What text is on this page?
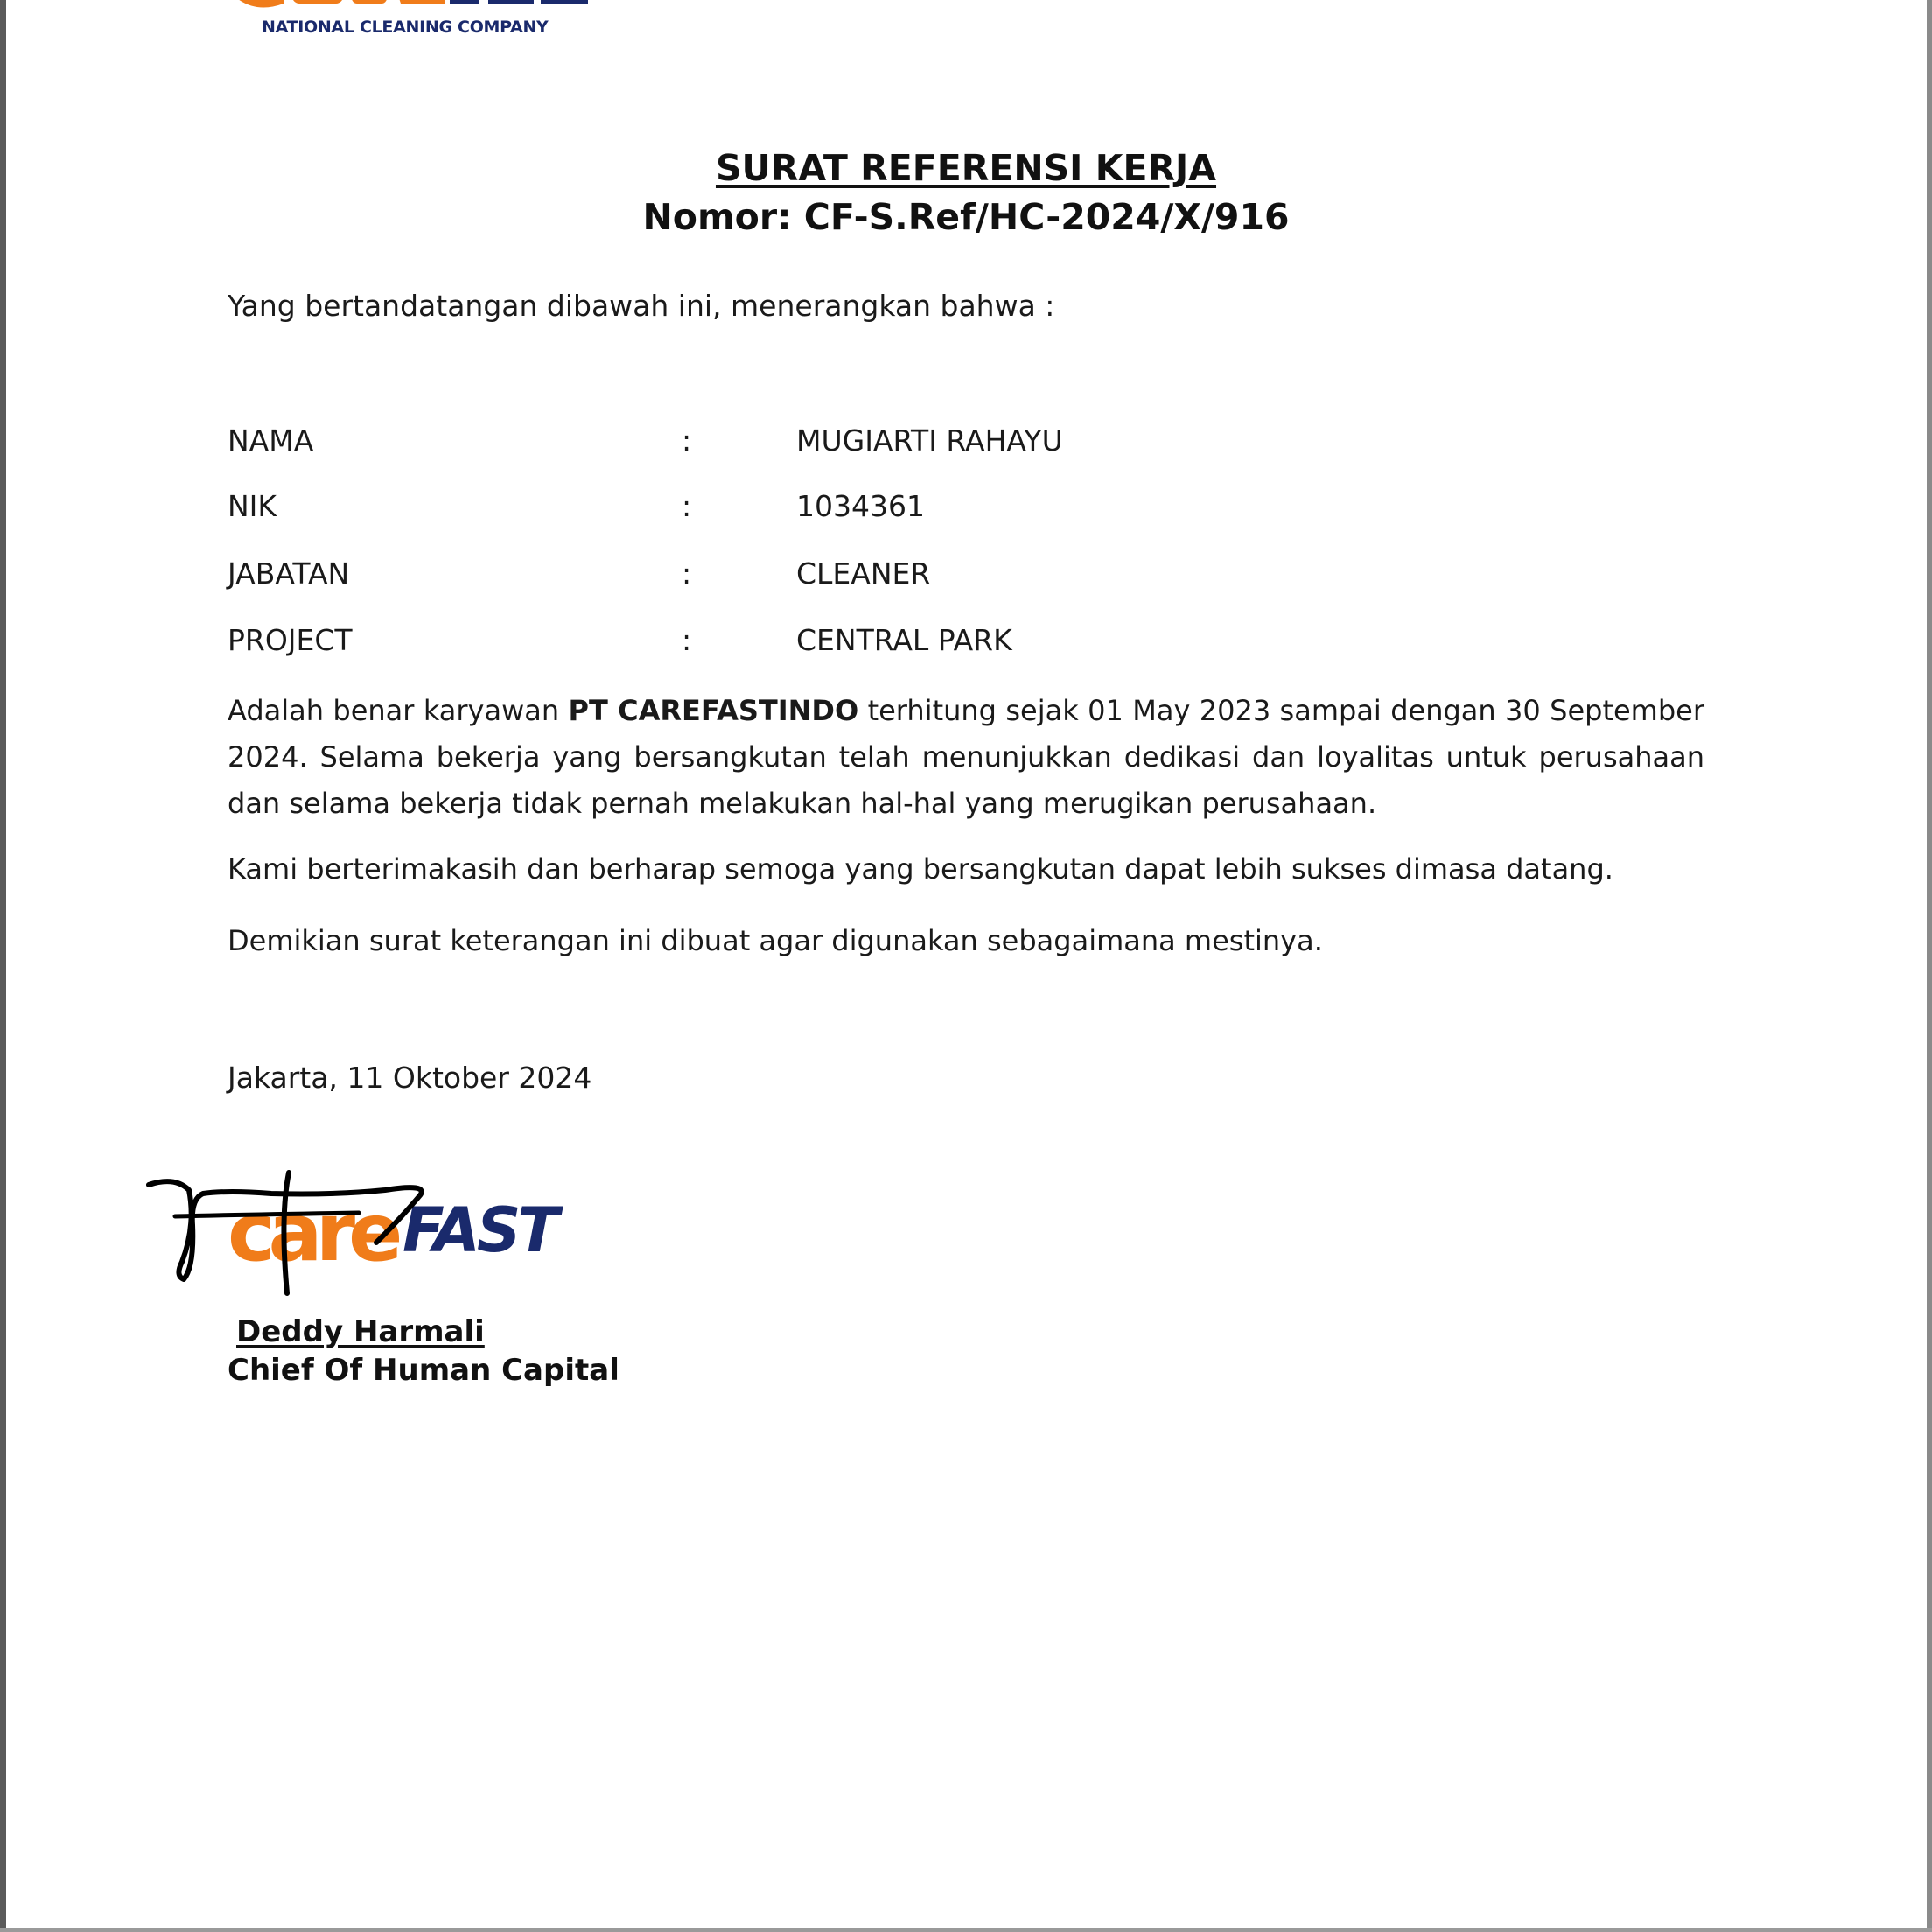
NATIONAL CLEANING COMPANY
SURAT REFERENSI KERJA
Nomor: CF-S.Ref/HC-2024/X/916
Yang bertandatangan dibawah ini, menerangkan bahwa :
NAMA	:	MUGIARTI RAHAYU
NIK	:	1034361
JABATAN	:	CLEANER
PROJECT	:	CENTRAL PARK
Adalah benar karyawan PT CAREFASTINDO terhitung sejak 01 May 2023 sampai dengan 30 September 2024. Selama bekerja yang bersangkutan telah menunjukkan dedikasi dan loyalitas untuk perusahaan dan selama bekerja tidak pernah melakukan hal-hal yang merugikan perusahaan.
Kami berterimakasih dan berharap semoga yang bersangkutan dapat lebih sukses dimasa datang.
Demikian surat keterangan ini dibuat agar digunakan sebagaimana mestinya.
Jakarta, 11 Oktober 2024
care FAST
Deddy Harmali
Chief Of Human Capital
